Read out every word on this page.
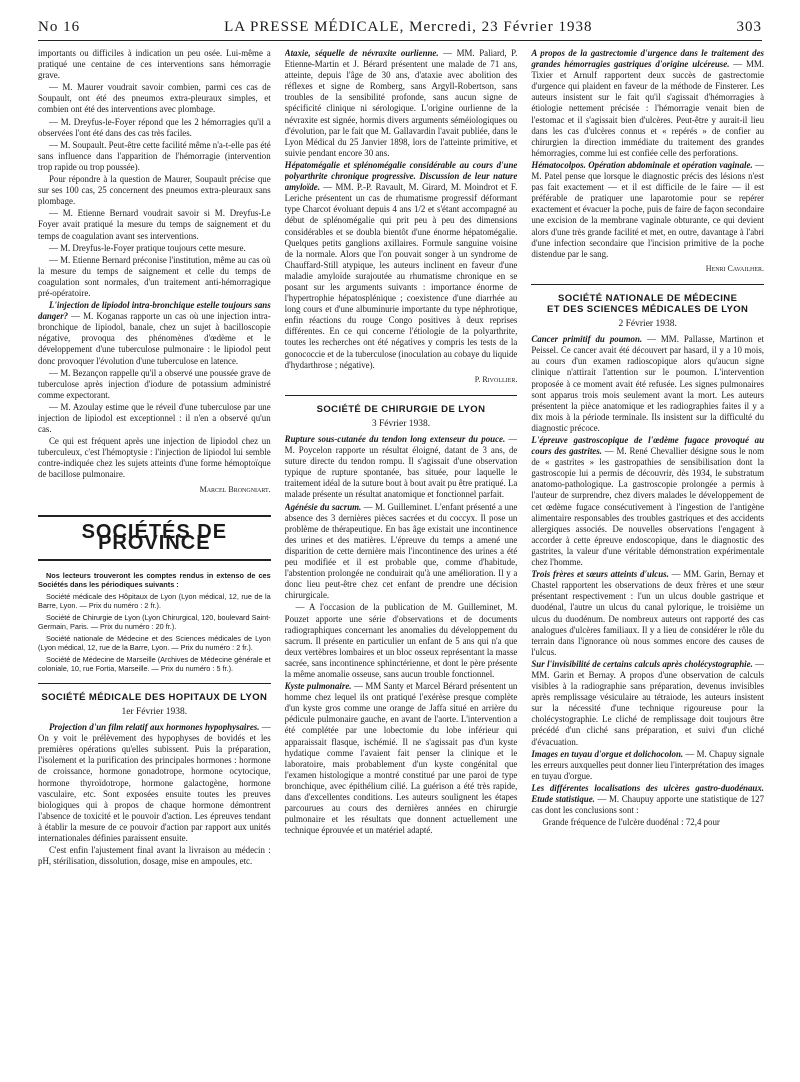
No 16	LA PRESSE MÉDICALE, Mercredi, 23 Février 1938	303

importants ou difficiles à indication un peu osée. Lui-même a pratiqué une centaine de ces interventions sans hémorragie grave.

— M. Maurer voudrait savoir combien, parmi ces cas de Soupault, ont été des pneumos extra-pleuraux simples, et combien ont été des interventions avec plombage.

— M. Dreyfus-le-Foyer répond que les 2 hémorragies qu'il a observées l'ont été dans des cas très faciles.

— M. Soupault. Peut-être cette facilité même n'a-t-elle pas été sans influence dans l'apparition de l'hémorragie (intervention trop rapide ou trop poussée).

Pour répondre à la question de Maurer, Soupault précise que sur ses 100 cas, 25 concernent des pneumos extra-pleuraux sans plombage.

— M. Etienne Bernard voudrait savoir si M. Dreyfus-Le Foyer avait pratiqué la mesure du temps de saignement et du temps de coagulation avant ses interventions.

— M. Dreyfus-le-Foyer pratique toujours cette mesure.

— M. Etienne Bernard préconise l'institution, même au cas où la mesure du temps de saignement et celle du temps de coagulation sont normales, d'un traitement anti-hémorragique pré-opératoire.

L'injection de lipiodol intra-bronchique estelle toujours sans danger? — M. Koganas rapporte un cas où une injection intra-bronchique de lipiodol, banale, chez un sujet à bacilloscopie négative, provoqua des phénomènes d'œdème et le développement d'une tuberculose pulmonaire : le lipiodol peut donc provoquer l'évolution d'une tuberculose en latence.

— M. Bezançon rappelle qu'il a observé une poussée grave de tuberculose après injection d'iodure de potassium administré comme expectorant.

— M. Azoulay estime que le réveil d'une tuberculose par une injection de lipiodol est exceptionnel : il n'en a observé qu'un cas.

Ce qui est fréquent après une injection de lipiodol chez un tuberculeux, c'est l'hémoptysie : l'injection de lipiodol lui semble contre-indiquée chez les sujets atteints d'une forme hémoptoïque de bacillose pulmonaire.

Marcel Brongniart.
SOCIÉTÉS DE PROVINCE

Nos lecteurs trouveront les comptes rendus in extenso de ces Sociétés dans les périodiques suivants :

Société médicale des Hôpitaux de Lyon (Lyon médical, 12, rue de la Barre, Lyon. — Prix du numéro : 2 fr.).

Société de Chirurgie de Lyon (Lyon Chirurgical, 120, boulevard Saint-Germain, Paris. — Prix du numéro : 20 fr.).

Société nationale de Médecine et des Sciences médicales de Lyon (Lyon médical, 12, rue de la Barre, Lyon. — Prix du numéro : 2 fr.).

Société de Médecine de Marseille (Archives de Médecine générale et coloniale, 10, rue Fortia, Marseille. — Prix du numéro : 5 fr.).

SOCIÉTÉ MÉDICALE DES HOPITAUX DE LYON
1er Février 1938.

Projection d'un film relatif aux hormones hypophysaires. — On y voit le prélèvement des hypophyses de bovidés et les premières opérations qu'elles subissent. Puis la préparation, l'isolement et la purification des principales hormones : hormone de croissance, hormone gonadotrope, hormone ocytocique, hormone thyroïdotrope, hormone galactogène, hormone vasculaire, etc. Sont exposées ensuite toutes les preuves biologiques qui à propos de chaque hormone démontrent l'absence de toxicité et le pouvoir d'action. Les épreuves tendant à établir la mesure de ce pouvoir d'action par rapport aux unités internationales définies paraissent ensuite.

C'est enfin l'ajustement final avant la livraison au médecin : pH, stérilisation, dissolution, dosage, mise en ampoules, etc.

Ataxie, séquelle de névraxite ourlienne. — MM. Paliard, P. Etienne-Martin et J. Bérard présentent une malade de 71 ans, atteinte, depuis l'âge de 30 ans, d'ataxie avec abolition des réflexes et signe de Romberg, sans Argyll-Robertson, sans troubles de la sensibilité profonde, sans aucun signe de spécificité clinique ni sérologique. L'origine ourlienne de la névraxite est signée, hormis divers arguments séméiologiques ou d'évolution, par le fait que M. Gallavardin l'avait publiée, dans le Lyon Médical du 25 Janvier 1898, lors de l'atteinte primitive, et suivie pendant encore 30 ans.

Hépatomégalie et splénomégalie considérable au cours d'une polyarthrite chronique progressive. Discussion de leur nature amyloïde. — MM. P.-P. Ravault, M. Girard, M. Moindrot et F. Leriche présentent un cas de rhumatisme progressif déformant type Charcot évoluant depuis 4 ans 1/2 et s'étant accompagné au début de splénomégalie qui prit peu à peu des dimensions considérables et se doubla bientôt d'une énorme hépatomégalie. Quelques petits ganglions axillaires. Formule sanguine voisine de la normale. Alors que l'on pouvait songer à un syndrome de Chauffard-Still atypique, les auteurs inclinent en faveur d'une maladie amyloïde surajoutée au rhumatisme chronique en se posant sur les arguments suivants : importance énorme de l'hypertrophie hépatosplénique ; coexistence d'une diarrhée au long cours et d'une albuminurie importante du type néphrotique, enfin réactions du rouge Congo positives à deux reprises différentes. En ce qui concerne l'étiologie de la polyarthrite, toutes les recherches ont été négatives y compris les tests de la gonococcie et de la tuberculose (inoculation au cobaye du liquide d'hydarthrose ; négative).

P. Rivollier.
SOCIÉTÉ DE CHIRURGIE DE LYON
3 Février 1938.

Rupture sous-cutanée du tendon long extenseur du pouce. — M. Poycelon rapporte un résultat éloigné, datant de 3 ans, de suture directe du tendon rompu. Il s'agissait d'une observation typique de rupture spontanée, bas située, pour laquelle le traitement idéal de la suture bout à bout avait pu être pratiqué. La malade présente un résultat anatomique et fonctionnel parfait.

Agénésie du sacrum. — M. Guilleminet. L'enfant présenté a une absence des 3 dernières pièces sacrées et du coccyx. Il pose un problème de thérapeutique. En bas âge existait une incontinence des urines et des matières. L'épreuve du temps a amené une disparition de cette dernière mais l'incontinence des urines a été peu modifiée et il est probable que, comme d'habitude, l'abstention prolongée ne conduirait qu'à une amélioration. Il y a donc lieu peut-être chez cet enfant de prendre une décision chirurgicale.

— A l'occasion de la publication de M. Guilleminet, M. Pouzet apporte une série d'observations et de documents radiographiques concernant les anomalies du développement du sacrum. Il présente en particulier un enfant de 5 ans qui n'a que deux vertèbres lombaires et un bloc osseux représentant la masse sacrée, sans incontinence sphinctérienne, et dont le père présente la même anomalie osseuse, sans aucun trouble fonctionnel.

Kyste pulmonaire. — MM Santy et Marcel Bérard présentent un homme chez lequel ils ont pratiqué l'exérèse presque complète d'un kyste gros comme une orange de Jaffa situé en arrière du pédicule pulmonaire gauche, en avant de l'aorte. L'intervention a été complétée par une lobectomie du lobe inférieur qui apparaissait flasque, ischémié. Il ne s'agissait pas d'un kyste hydatique comme l'avaient fait penser la clinique et le laboratoire, mais probablement d'un kyste congénital que l'examen histologique a montré constitué par une paroi de type bronchique, avec épithélium cilié. La guérison a été très rapide, dans d'excellentes conditions. Les auteurs soulignent les étapes parcourues au cours des dernières années en chirurgie pulmonaire et les résultats que donnent actuellement une technique éprouvée et un matériel adapté.

A propos de la gastrectomie d'urgence dans le traitement des grandes hémorragies gastriques d'origine ulcéreuse. — MM. Tixier et Arnulf rapportent deux succès de gastrectomie d'urgence qui plaident en faveur de la méthode de Finsterer. Les auteurs insistent sur le fait qu'il s'agissait d'hémorragies à étiologie nettement précisée : l'hémorragie venait bien de l'estomac et il s'agissait bien d'ulcères. Peut-être y aurait-il lieu dans les cas d'ulcères connus et « repérés » de confier au chirurgien la direction immédiate du traitement des grandes hémorragies, comme lui est confiée celle des perforations.

Hématocolpos. Opération abdominale et opération vaginale. — M. Patel pense que lorsque le diagnostic précis des lésions n'est pas fait exactement — et il est difficile de le faire — il est préférable de pratiquer une laparotomie pour se repérer exactement et évacuer la poche, puis de faire de façon secondaire une excision de la membrane vaginale obturante, ce qui devient alors d'une très grande facilité et met, en outre, davantage à l'abri d'une infection secondaire que l'incision primitive de la poche distendue par le sang.

Henri Cavailher.
SOCIÉTÉ NATIONALE DE MÉDECINE
ET DES SCIENCES MÉDICALES DE LYON
2 Février 1938.

Cancer primitif du poumon. — MM. Pallasse, Martinon et Peissel. Ce cancer avait été découvert par hasard, il y a 10 mois, au cours d'un examen radioscopique alors qu'aucun signe clinique n'attirait l'attention sur le poumon. L'intervention proposée à ce moment avait été refusée. Les signes pulmonaires sont apparus trois mois seulement avant la mort. Les auteurs présentent la pièce anatomique et les radiographies faites il y a dix mois à la période terminale. Ils insistent sur la difficulté du diagnostic précoce.

L'épreuve gastroscopique de l'œdème fugace provoqué au cours des gastrites. — M. René Chevallier désigne sous le nom de « gastrites » les gastropathies de sensibilisation dont la gastroscopie lui a permis de découvrir, dès 1934, le substratum anatomo-pathologique. La gastroscopie prolongée a permis à l'auteur de surprendre, chez divers malades le développement de cet œdème fugace consécutivement à l'ingestion de l'antigène alimentaire responsables des troubles gastriques et des accidents allergiques associés. De nouvelles observations l'engagent à accorder à cette épreuve endoscopique, dans le diagnostic des gastrites, la valeur d'une véritable démonstration expérimentale chez l'homme.

Trois frères et sœurs atteints d'ulcus. — MM. Garin, Bernay et Chastel rapportent les observations de deux frères et une sœur présentant respectivement : l'un un ulcus double gastrique et duodénal, l'autre un ulcus du canal pylorique, le troisième un ulcus du duodénum. De nombreux auteurs ont rapporté des cas analogues d'ulcères familiaux. Il y a lieu de considérer le rôle du terrain dans l'ignorance où nous sommes encore des causes de l'ulcus.

Sur l'invisibilité de certains calculs après cholécystographie. — MM. Garin et Bernay. A propos d'une observation de calculs visibles à la radiographie sans préparation, devenus invisibles après remplissage vésiculaire au tétraiode, les auteurs insistent sur la nécessité d'une technique rigoureuse pour la cholécystographie. Le cliché de remplissage doit toujours être précédé d'un cliché sans préparation, et suivi d'un cliché d'évacuation.

Images en tuyau d'orgue et dolichocolon. — M. Chapuy signale les erreurs auxquelles peut donner lieu l'interprétation des images en tuyau d'orgue.

Les différentes localisations des ulcères gastro-duodénaux. Etude statistique. — M. Chaupuy apporte une statistique de 127 cas dont les conclusions sont :

Grande fréquence de l'ulcère duodénal : 72,4 pour
